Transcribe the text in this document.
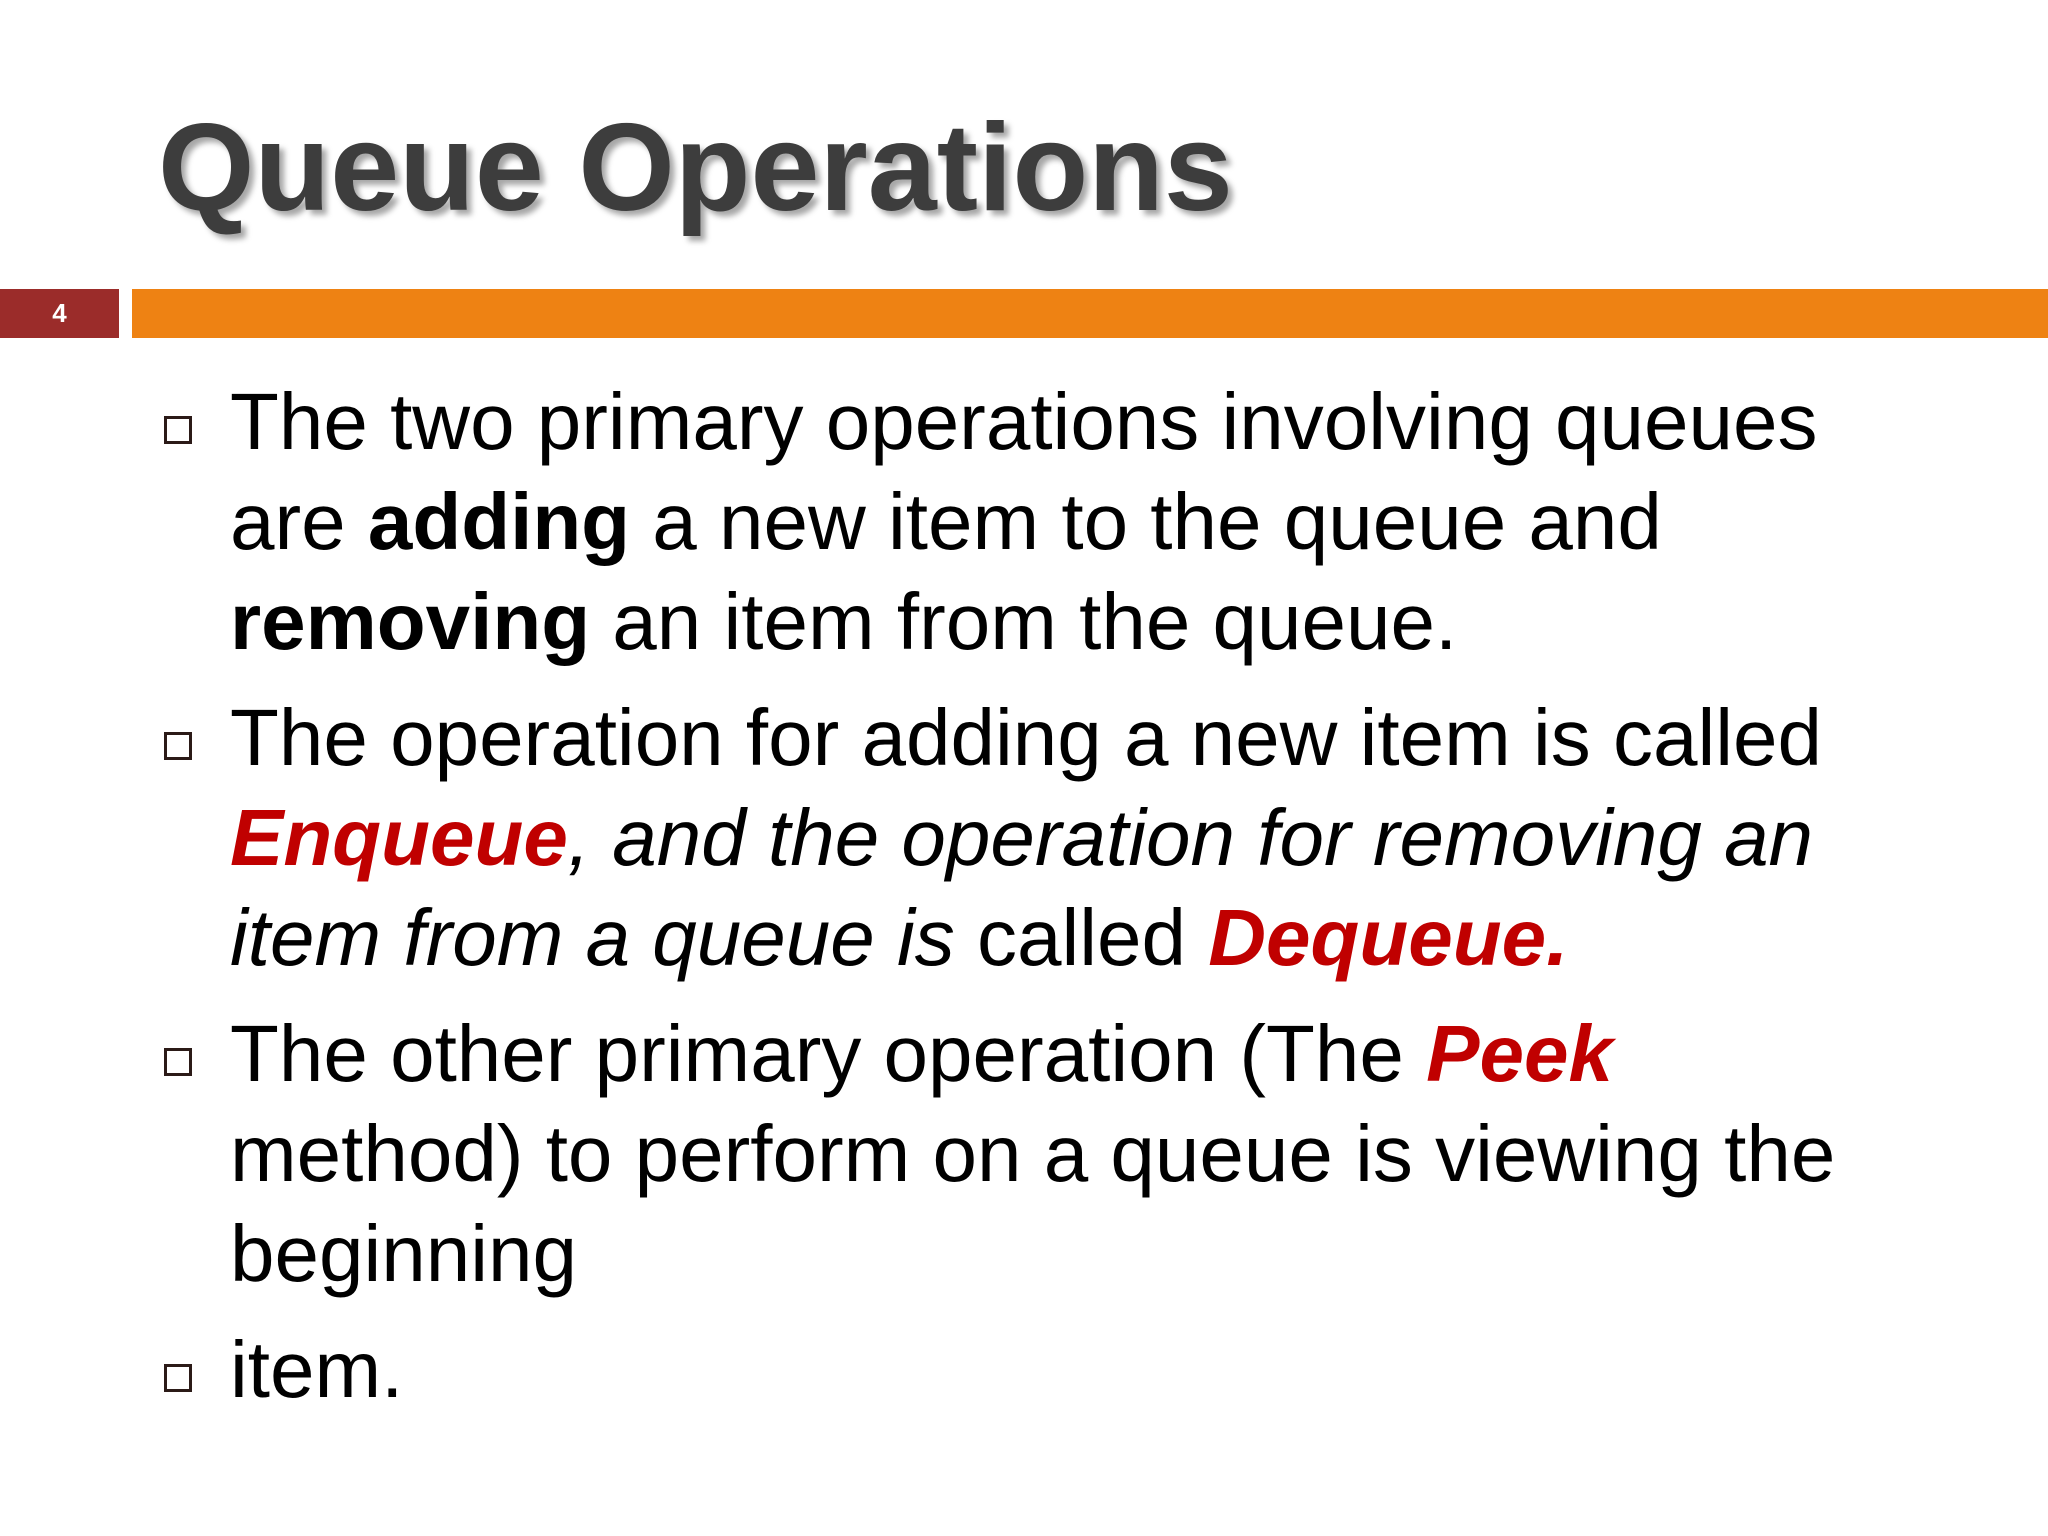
Queue Operations
4
The two primary operations involving queues
are adding a new item to the queue and
removing an item from the queue.
The operation for adding a new item is called
Enqueue, and the operation for removing an
item from a queue is called Dequeue.
The other primary operation (The Peek
method) to perform on a queue is viewing the
beginning
item.
